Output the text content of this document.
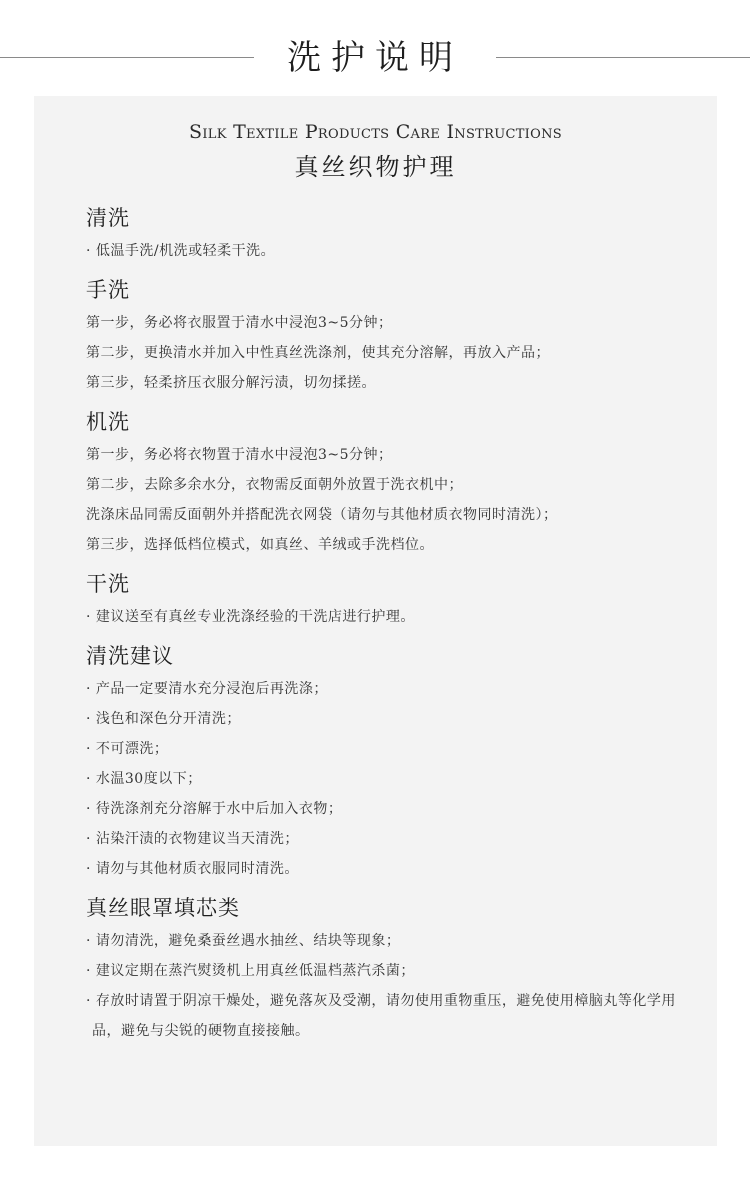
洗护说明
Silk Textile Products Care Instructions
真丝织物护理
清洗
· 低温手洗/机洗或轻柔干洗。
手洗
第一步，务必将衣服置于清水中浸泡3~5分钟；
第二步，更换清水并加入中性真丝洗涤剂，使其充分溶解，再放入产品；
第三步，轻柔挤压衣服分解污渍，切勿揉搓。
机洗
第一步，务必将衣物置于清水中浸泡3~5分钟；
第二步，去除多余水分，衣物需反面朝外放置于洗衣机中；
洗涤床品同需反面朝外并搭配洗衣网袋（请勿与其他材质衣物同时清洗）；
第三步，选择低档位模式，如真丝、羊绒或手洗档位。
干洗
· 建议送至有真丝专业洗涤经验的干洗店进行护理。
清洗建议
· 产品一定要清水充分浸泡后再洗涤；
· 浅色和深色分开清洗；
· 不可漂洗；
· 水温30度以下；
· 待洗涤剂充分溶解于水中后加入衣物；
· 沾染汗渍的衣物建议当天清洗；
· 请勿与其他材质衣服同时清洗。
真丝眼罩填芯类
· 请勿清洗，避免桑蚕丝遇水抽丝、结块等现象；
· 建议定期在蒸汽熨烫机上用真丝低温档蒸汽杀菌；
· 存放时请置于阴凉干燥处，避免落灰及受潮，请勿使用重物重压，避免使用樟脑丸等化学用品，避免与尖锐的硬物直接接触。
